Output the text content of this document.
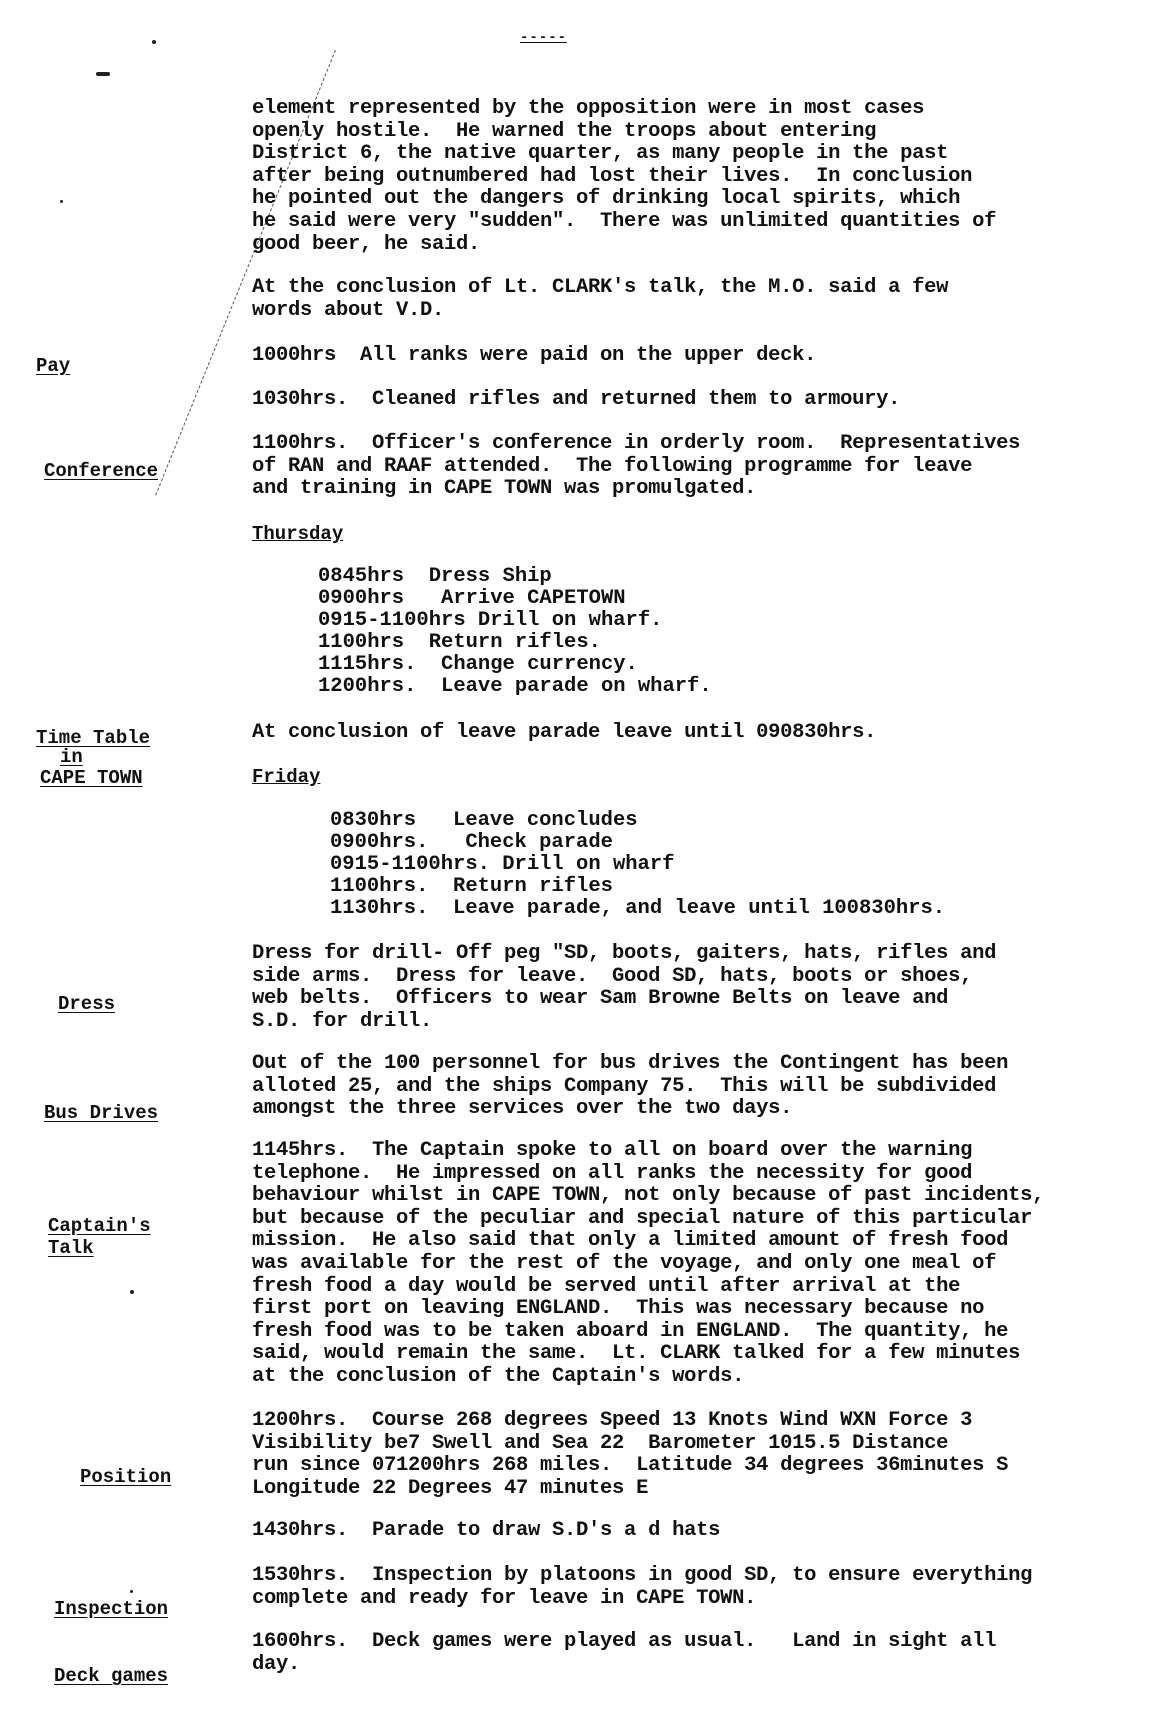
-----
Pay
Conference
Time Table
in
CAPE TOWN
Dress
Bus Drives
Captain's
Talk
Position
Inspection
Deck games
element represented by the opposition were in most cases
openly hostile.  He warned the troops about entering
District 6, the native quarter, as many people in the past
after being outnumbered had lost their lives.  In conclusion
he pointed out the dangers of drinking local spirits, which
he said were very "sudden".  There was unlimited quantities of
good beer, he said.
At the conclusion of Lt. CLARK's talk, the M.O. said a few
words about V.D.
1000hrs  All ranks were paid on the upper deck.
1030hrs.  Cleaned rifles and returned them to armoury.
1100hrs.  Officer's conference in orderly room.  Representatives
of RAN and RAAF attended.  The following programme for leave
and training in CAPE TOWN was promulgated.
Thursday
0845hrs  Dress Ship
0900hrs   Arrive CAPETOWN
0915-1100hrs Drill on wharf.
1100hrs  Return rifles.
1115hrs.  Change currency.
1200hrs.  Leave parade on wharf.
At conclusion of leave parade leave until 090830hrs.
Friday
0830hrs   Leave concludes
0900hrs.   Check parade
0915-1100hrs. Drill on wharf
1100hrs.  Return rifles
1130hrs.  Leave parade, and leave until 100830hrs.
Dress for drill- Off peg "SD, boots, gaiters, hats, rifles and
side arms.  Dress for leave.  Good SD, hats, boots or shoes,
web belts.  Officers to wear Sam Browne Belts on leave and
S.D. for drill.
Out of the 100 personnel for bus drives the Contingent has been
alloted 25, and the ships Company 75.  This will be subdivided
amongst the three services over the two days.
1145hrs.  The Captain spoke to all on board over the warning
telephone.  He impressed on all ranks the necessity for good
behaviour whilst in CAPE TOWN, not only because of past incidents,
but because of the peculiar and special nature of this particular
mission.  He also said that only a limited amount of fresh food
was available for the rest of the voyage, and only one meal of
fresh food a day would be served until after arrival at the
first port on leaving ENGLAND.  This was necessary because no
fresh food was to be taken aboard in ENGLAND.  The quantity, he
said, would remain the same.  Lt. CLARK talked for a few minutes
at the conclusion of the Captain's words.
1200hrs.  Course 268 degrees Speed 13 Knots Wind WXN Force 3
Visibility be7 Swell and Sea 22  Barometer 1015.5 Distance
run since 071200hrs 268 miles.  Latitude 34 degrees 36minutes S
Longitude 22 Degrees 47 minutes E
1430hrs.  Parade to draw S.D's a d hats
1530hrs.  Inspection by platoons in good SD, to ensure everything
complete and ready for leave in CAPE TOWN.
1600hrs.  Deck games were played as usual.   Land in sight all
day.
